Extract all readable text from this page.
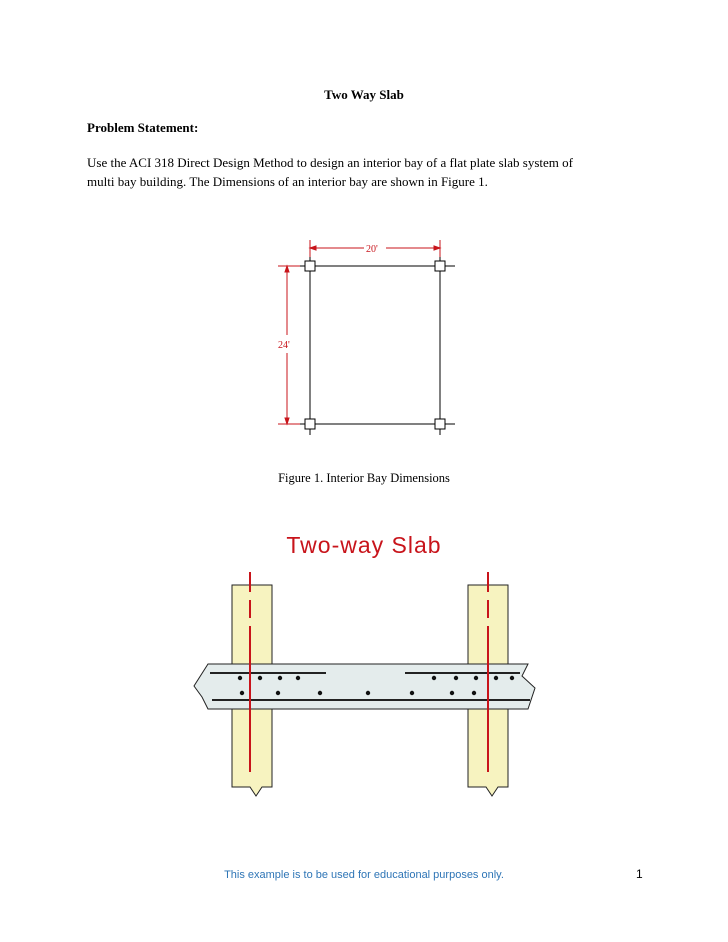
Two Way Slab
Problem Statement:
Use the ACI 318 Direct Design Method to design an interior bay of a flat plate slab system of
multi bay building. The Dimensions of an interior bay are shown in Figure 1.
20'
24'
Figure 1. Interior Bay Dimensions
Two-way Slab
This example is to be used for educational purposes only.	1
